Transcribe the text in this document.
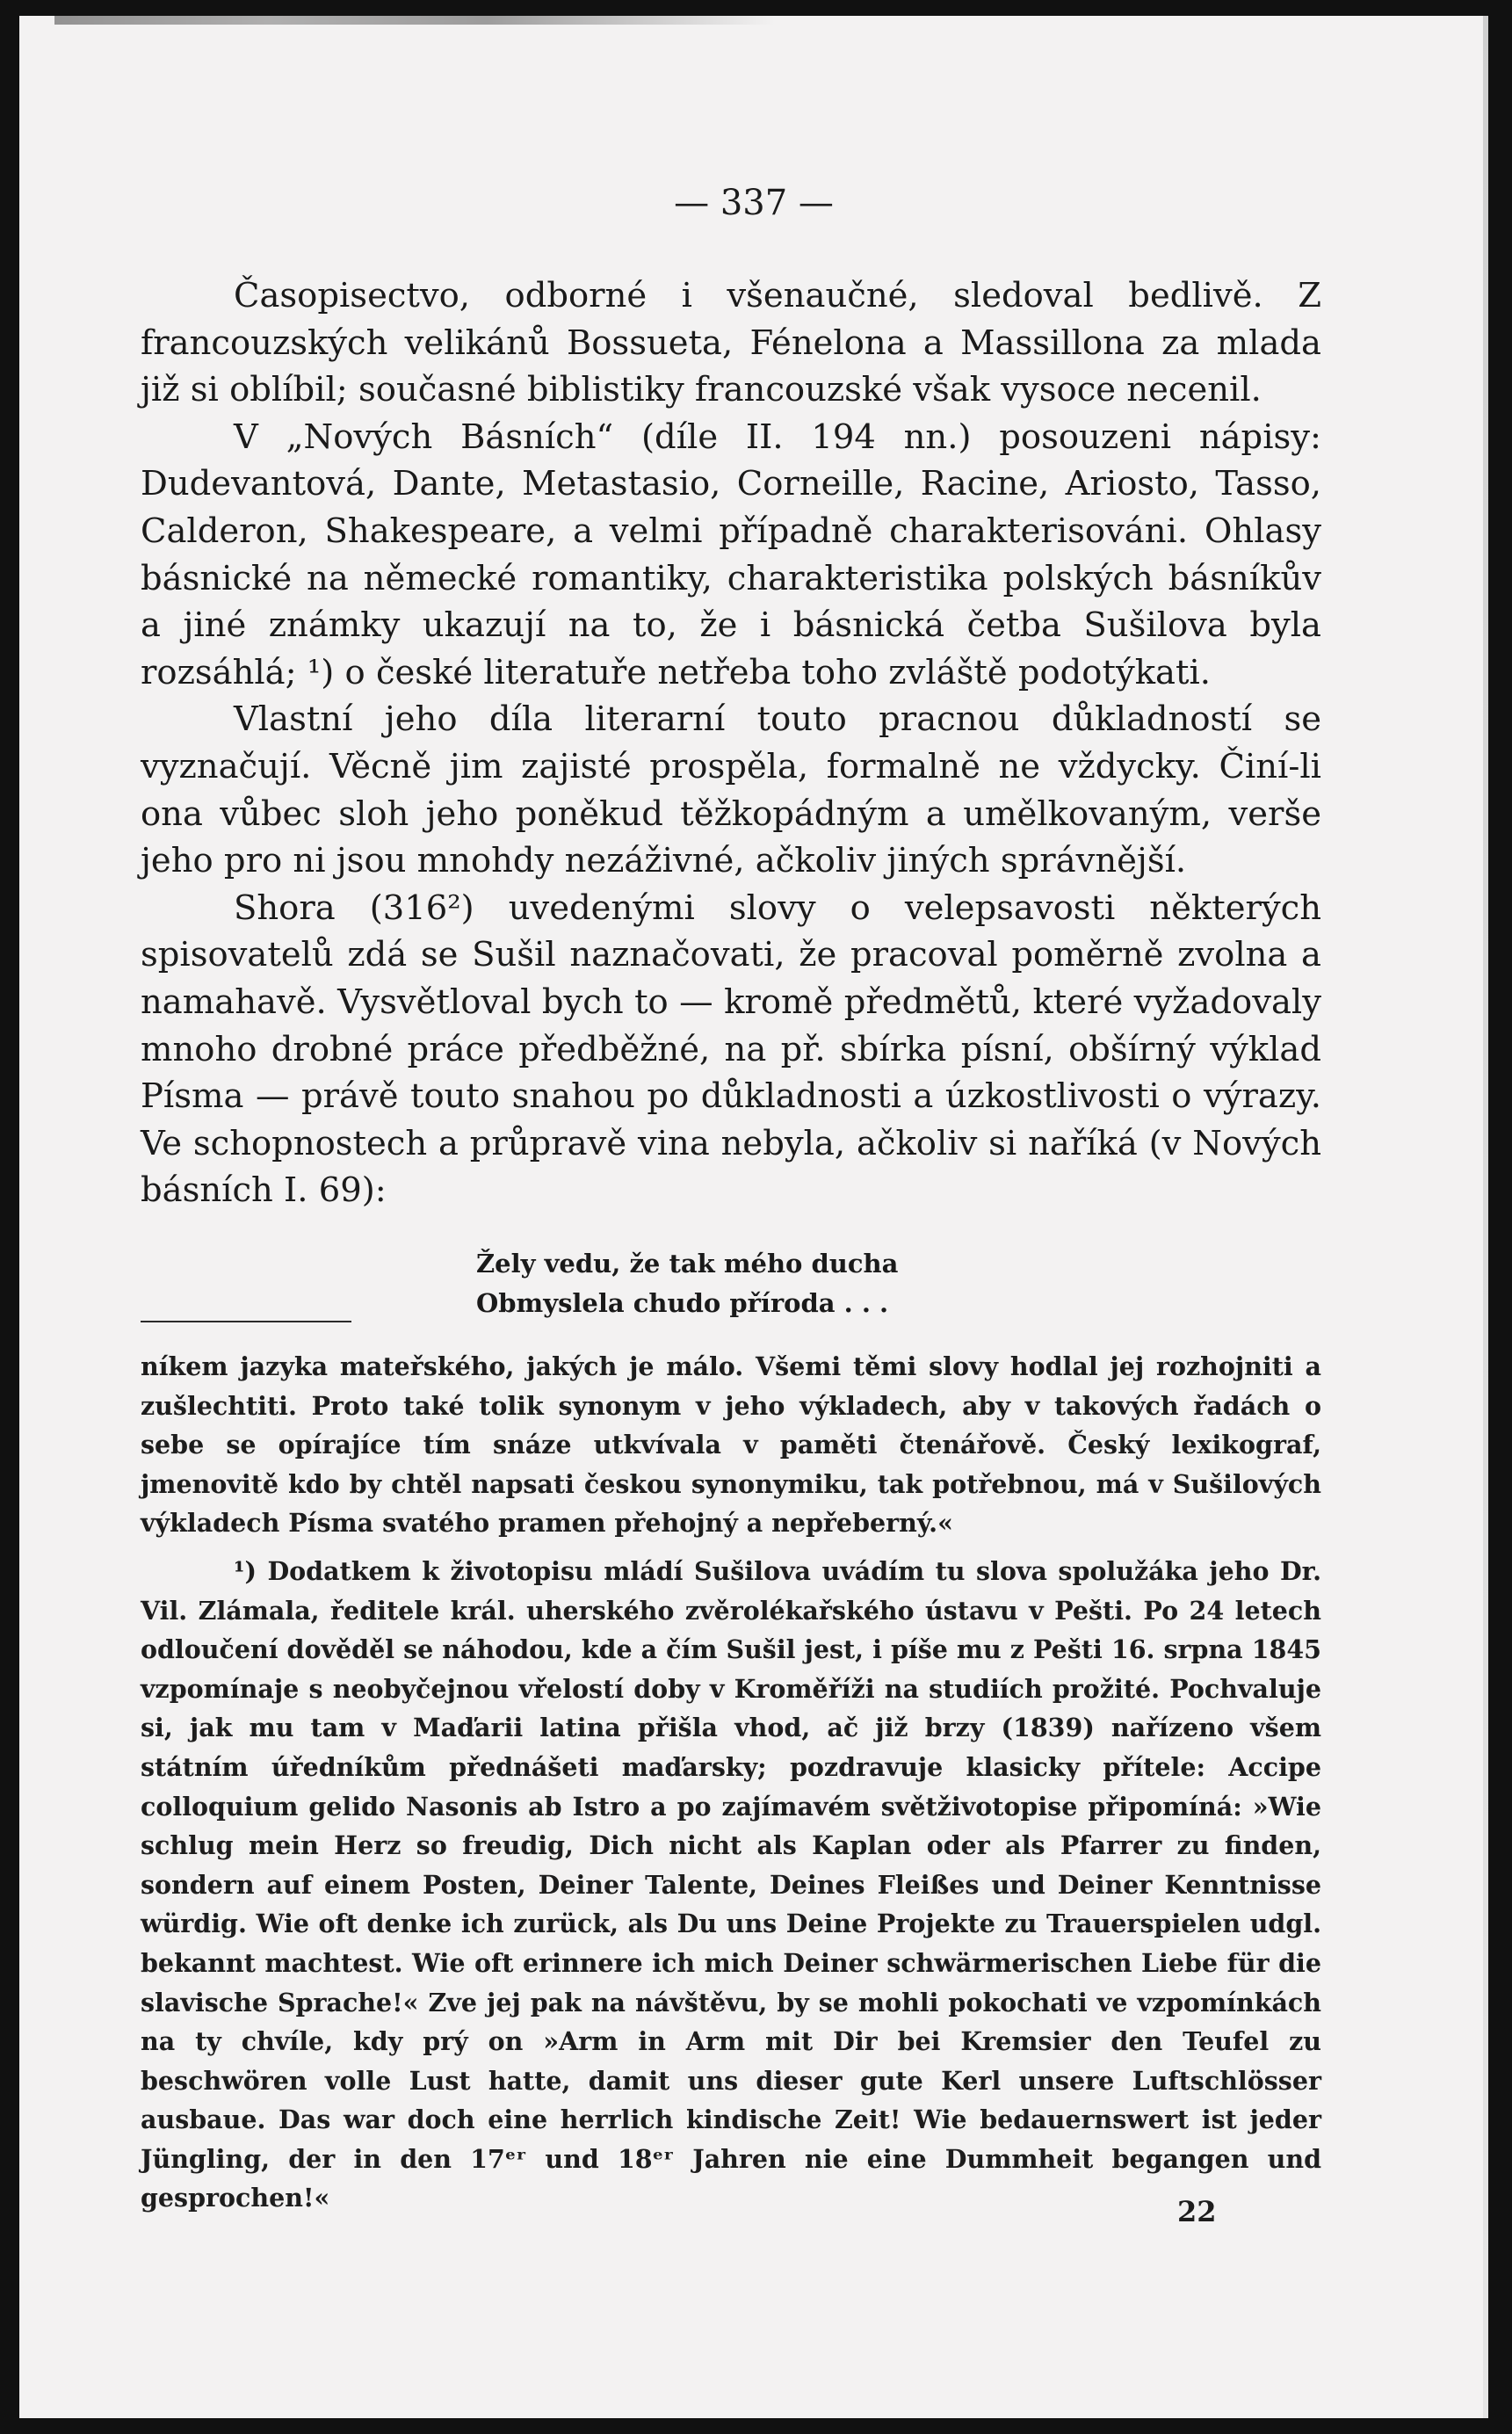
— 337 —

Časopisectvo, odborné i všenaučné, sledoval bedlivě. Z francouzských velikánů Bossueta, Fénelona a Massillona za mlada již si oblíbil; současné biblistiky francouzské však vysoce necenil.

V „Nových Básních“ (díle II. 194 nn.) posouzeni nápisy: Dudevantová, Dante, Metastasio, Corneille, Racine, Ariosto, Tasso, Calderon, Shakespeare, a velmi případně charakterisováni. Ohlasy básnické na německé romantiky, charakteristika polských básníkův a jiné známky ukazují na to, že i básnická četba Sušilova byla rozsáhlá; ¹) o české literatuře netřeba toho zvláště podotýkati.

Vlastní jeho díla literarní touto pracnou důkladností se vyznačují. Věcně jim zajisté prospěla, formalně ne vždycky. Činí-li ona vůbec sloh jeho poněkud těžkopádným a umělkovaným, verše jeho pro ni jsou mnohdy nezáživné, ačkoliv jiných správnější.

Shora (316²) uvedenými slovy o velepsavosti některých spisovatelů zdá se Sušil naznačovati, že pracoval poměrně zvolna a namahavě. Vysvětloval bych to — kromě předmětů, které vyžadovaly mnoho drobné práce předběžné, na př. sbírka písní, obšírný výklad Písma — právě touto snahou po důkladnosti a úzkostlivosti o výrazy. Ve schopnostech a průpravě vina nebyla, ačkoliv si naříká (v Nových básních I. 69):

Žely vedu, že tak mého ducha
Obmyslela chudo příroda . . .

níkem jazyka mateřského, jakých je málo. Všemi těmi slovy hodlal jej rozhojniti a zušlechtiti. Proto také tolik synonym v jeho výkladech, aby v takových řadách o sebe se opírajíce tím snáze utkvívala v paměti čtenářově. Český lexikograf, jmenovitě kdo by chtěl napsati českou synonymiku, tak potřebnou, má v Sušilových výkladech Písma svatého pramen přehojný a nepřeberný.«

¹) Dodatkem k životopisu mládí Sušilova uvádím tu slova spolužáka jeho Dr. Vil. Zlámala, ředitele král. uherského zvěrolékařského ústavu v Pešti. Po 24 letech odloučení dověděl se náhodou, kde a čím Sušil jest, i píše mu z Pešti 16. srpna 1845 vzpomínaje s neobyčejnou vřelostí doby v Kroměříži na studiích prožité. Pochvaluje si, jak mu tam v Maďarii latina přišla vhod, ač již brzy (1839) nařízeno všem státním úředníkům přednášeti maďarsky; pozdravuje klasicky přítele: Accipe colloquium gelido Nasonis ab Istro a po zajímavém světživotopise připomíná: »Wie schlug mein Herz so freudig, Dich nicht als Kaplan oder als Pfarrer zu finden, sondern auf einem Posten, Deiner Talente, Deines Fleißes und Deiner Kenntnisse würdig. Wie oft denke ich zurück, als Du uns Deine Projekte zu Trauerspielen udgl. bekannt machtest. Wie oft erinnere ich mich Deiner schwärmerischen Liebe für die slavische Sprache!« Zve jej pak na návštěvu, by se mohli pokochati ve vzpomínkách na ty chvíle, kdy prý on »Arm in Arm mit Dir bei Kremsier den Teufel zu beschwören volle Lust hatte, damit uns dieser gute Kerl unsere Luftschlösser ausbaue. Das war doch eine herrlich kindische Zeit! Wie bedauernswert ist jeder Jüngling, der in den 17ᵉʳ und 18ᵉʳ Jahren nie eine Dummheit begangen und gesprochen!«	22
